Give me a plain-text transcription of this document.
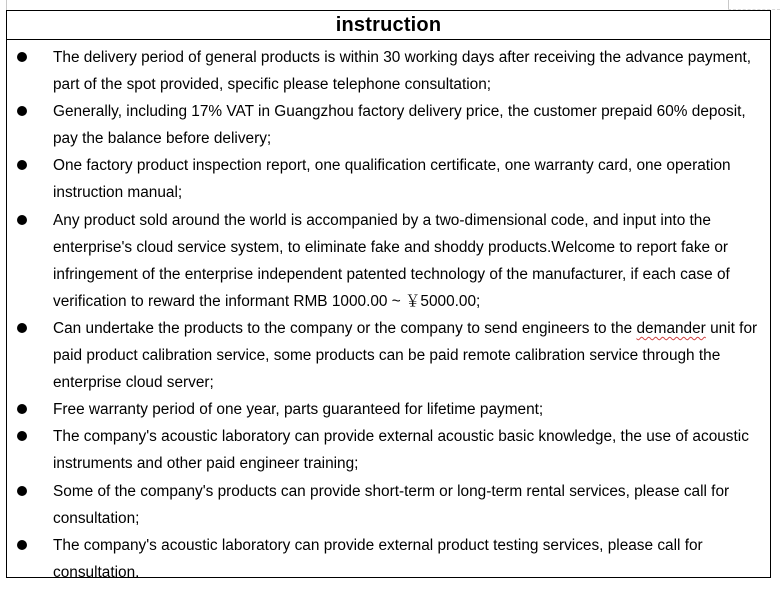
instruction
The delivery period of general products is within 30 working days after receiving the advance payment, part of the spot provided, specific please telephone consultation;
Generally, including 17% VAT in Guangzhou factory delivery price, the customer prepaid 60% deposit, pay the balance before delivery;
One factory product inspection report, one qualification certificate, one warranty card, one operation instruction manual;
Any product sold around the world is accompanied by a two-dimensional code, and input into the enterprise's cloud service system, to eliminate fake and shoddy products.Welcome to report fake or infringement of the enterprise independent patented technology of the manufacturer, if each case of verification to reward the informant RMB 1000.00 ~ ￥5000.00;
Can undertake the products to the company or the company to send engineers to the demander unit for paid product calibration service, some products can be paid remote calibration service through the enterprise cloud server;
Free warranty period of one year, parts guaranteed for lifetime payment;
The company's acoustic laboratory can provide external acoustic basic knowledge, the use of acoustic instruments and other paid engineer training;
Some of the company's products can provide short-term or long-term rental services, please call for consultation;
The company's acoustic laboratory can provide external product testing services, please call for consultation.
